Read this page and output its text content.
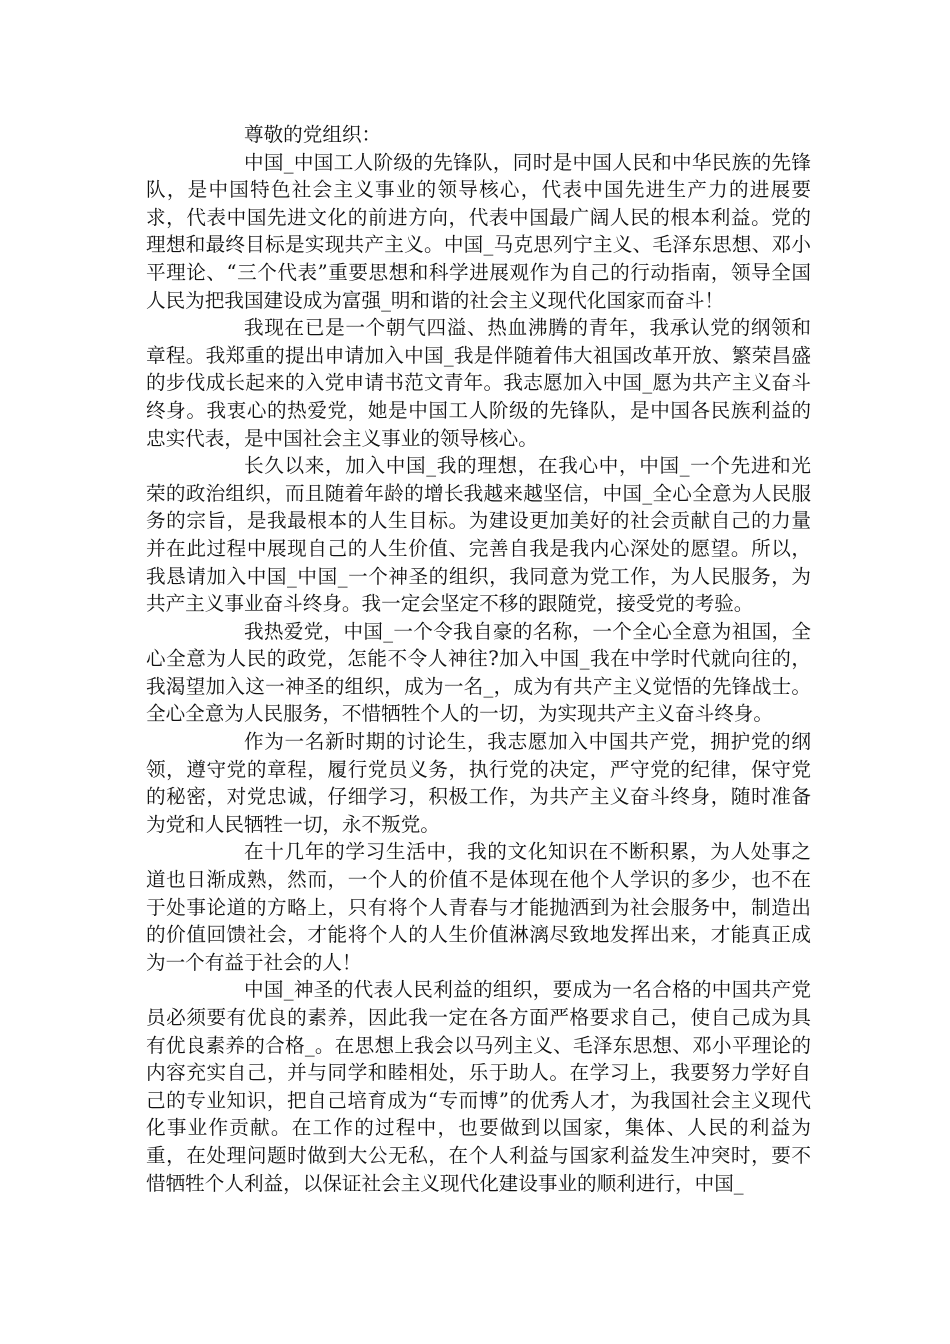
尊敬的党组织：

中国_中国工人阶级的先锋队，同时是中国人民和中华民族的先锋队，是中国特色社会主义事业的领导核心，代表中国先进生产力的进展要求，代表中国先进文化的前进方向，代表中国最广阔人民的根本利益。党的理想和最终目标是实现共产主义。中国_马克思列宁主义、毛泽东思想、邓小平理论、“三个代表”重要思想和科学进展观作为自己的行动指南，领导全国人民为把我国建设成为富强_明和谐的社会主义现代化国家而奋斗！

我现在已是一个朝气四溢、热血沸腾的青年，我承认党的纲领和章程。我郑重的提出申请加入中国_我是伴随着伟大祖国改革开放、繁荣昌盛的步伐成长起来的入党申请书范文青年。我志愿加入中国_愿为共产主义奋斗终身。我衷心的热爱党，她是中国工人阶级的先锋队，是中国各民族利益的忠实代表，是中国社会主义事业的领导核心。

长久以来，加入中国_我的理想，在我心中，中国_一个先进和光荣的政治组织，而且随着年龄的增长我越来越坚信，中国_全心全意为人民服务的宗旨，是我最根本的人生目标。为建设更加美好的社会贡献自己的力量并在此过程中展现自己的人生价值、完善自我是我内心深处的愿望。所以，我恳请加入中国_中国_一个神圣的组织，我同意为党工作，为人民服务，为共产主义事业奋斗终身。我一定会坚定不移的跟随党，接受党的考验。

我热爱党，中国_一个令我自豪的名称，一个全心全意为祖国，全心全意为人民的政党，怎能不令人神往?加入中国_我在中学时代就向往的，我渴望加入这一神圣的组织，成为一名_，成为有共产主义觉悟的先锋战士。全心全意为人民服务，不惜牺牲个人的一切，为实现共产主义奋斗终身。

作为一名新时期的讨论生，我志愿加入中国共产党，拥护党的纲领，遵守党的章程，履行党员义务，执行党的决定，严守党的纪律，保守党的秘密，对党忠诚，仔细学习，积极工作，为共产主义奋斗终身，随时准备为党和人民牺牲一切，永不叛党。

在十几年的学习生活中，我的文化知识在不断积累，为人处事之道也日渐成熟，然而，一个人的价值不是体现在他个人学识的多少，也不在于处事论道的方略上，只有将个人青春与才能抛洒到为社会服务中，制造出的价值回馈社会，才能将个人的人生价值淋漓尽致地发挥出来，才能真正成为一个有益于社会的人！

中国_神圣的代表人民利益的组织，要成为一名合格的中国共产党员必须要有优良的素养，因此我一定在各方面严格要求自己，使自己成为具有优良素养的合格_。在思想上我会以马列主义、毛泽东思想、邓小平理论的内容充实自己，并与同学和睦相处，乐于助人。在学习上，我要努力学好自己的专业知识，把自己培育成为“专而博”的优秀人才，为我国社会主义现代化事业作贡献。在工作的过程中，也要做到以国家，集体、人民的利益为重，在处理问题时做到大公无私，在个人利益与国家利益发生冲突时，要不惜牺牲个人利益，以保证社会主义现代化建设事业的顺利进行，中国_
